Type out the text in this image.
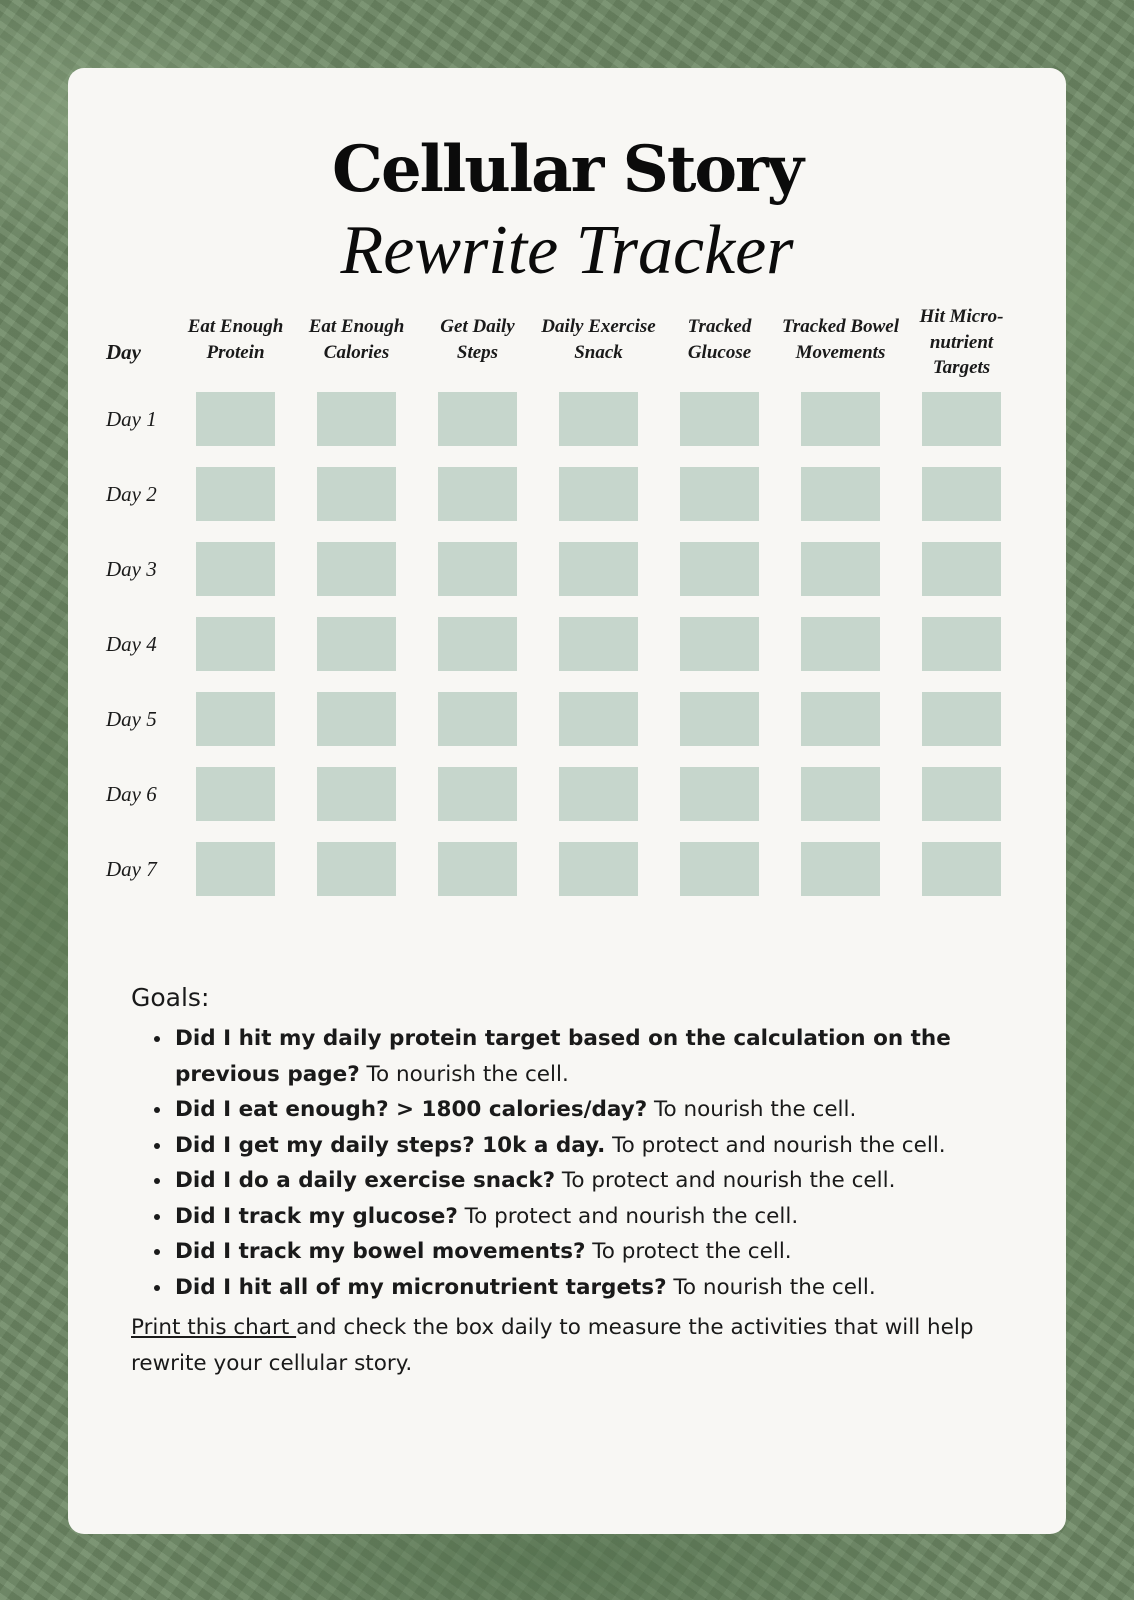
Cellular Story
Rewrite Tracker
Day
Eat Enough
Protein
Eat Enough
Calories
Get Daily
Steps
Daily Exercise
Snack
Tracked
Glucose
Tracked Bowel
Movements
Hit Micro-
nutrient
Targets
Day 1
Day 2
Day 3
Day 4
Day 5
Day 6
Day 7
Goals:
• Did I hit my daily protein target based on the calculation on the previous page? To nourish the cell.
• Did I eat enough? > 1800 calories/day? To nourish the cell.
• Did I get my daily steps? 10k a day. To protect and nourish the cell.
• Did I do a daily exercise snack? To protect and nourish the cell.
• Did I track my glucose? To protect and nourish the cell.
• Did I track my bowel movements? To protect the cell.
• Did I hit all of my micronutrient targets? To nourish the cell.
Print this chart and check the box daily to measure the activities that will help rewrite your cellular story.
